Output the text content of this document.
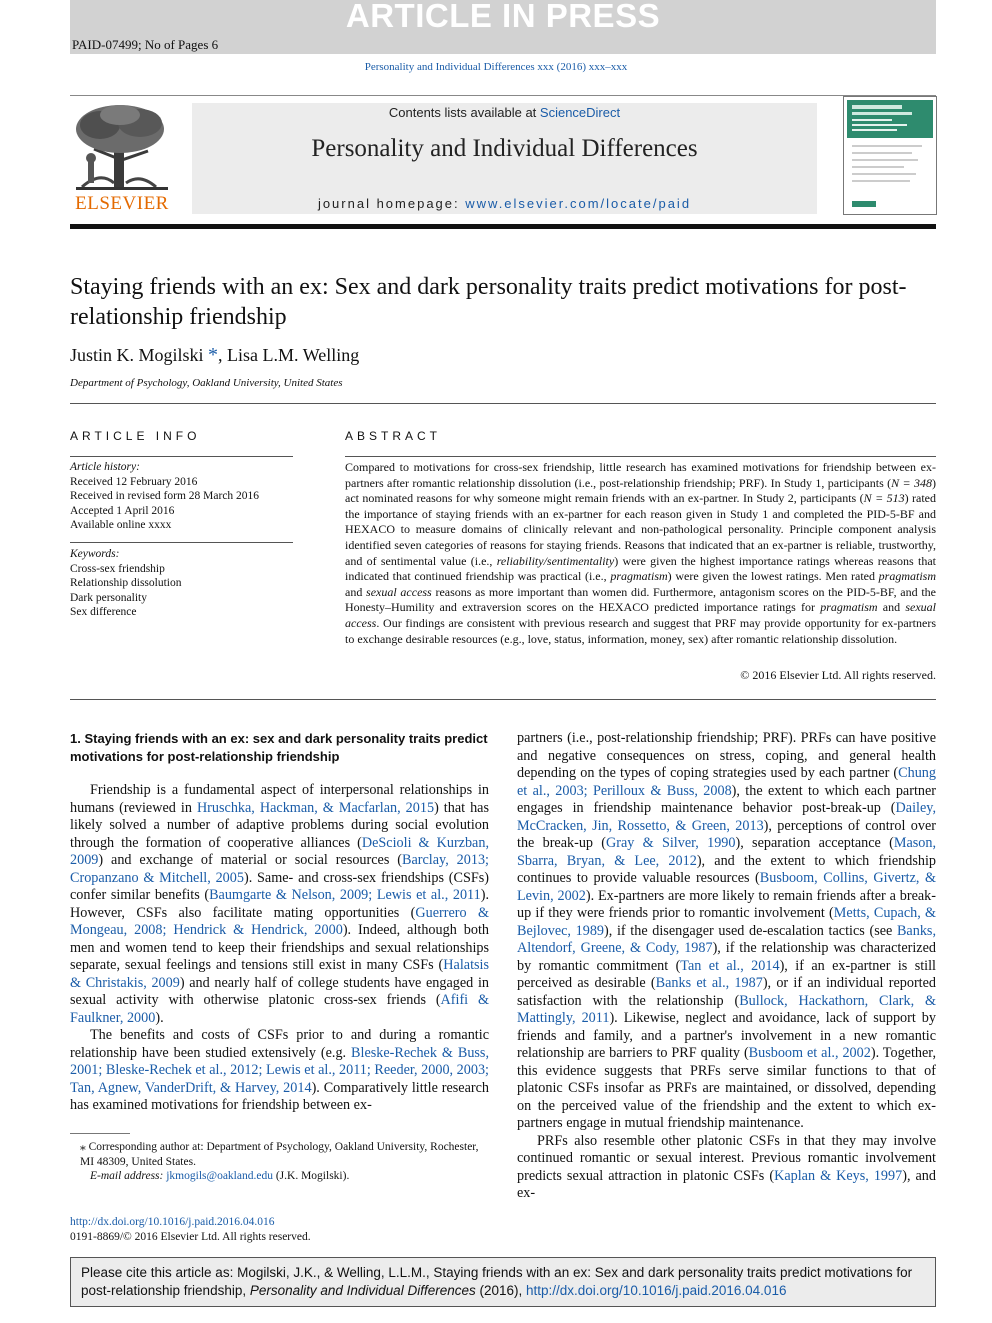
ARTICLE IN PRESS
PAID-07499; No of Pages 6
Personality and Individual Differences xxx (2016) xxx–xxx
ELSEVIER
Contents lists available at ScienceDirect
Personality and Individual Differences
journal homepage: www.elsevier.com/locate/paid
Staying friends with an ex: Sex and dark personality traits predict motivations for post-relationship friendship
Justin K. Mogilski *, Lisa L.M. Welling
Department of Psychology, Oakland University, United States
ARTICLE INFO
Article history:
Received 12 February 2016
Received in revised form 28 March 2016
Accepted 1 April 2016
Available online xxxx
Keywords:
Cross-sex friendship
Relationship dissolution
Dark personality
Sex difference
ABSTRACT
Compared to motivations for cross-sex friendship, little research has examined motivations for friendship between ex-partners after romantic relationship dissolution (i.e., post-relationship friendship; PRF). In Study 1, participants (N = 348) act nominated reasons for why someone might remain friends with an ex-partner. In Study 2, participants (N = 513) rated the importance of staying friends with an ex-partner for each reason given in Study 1 and completed the PID-5-BF and HEXACO to measure domains of clinically relevant and non-pathological personality. Principle component analysis identified seven categories of reasons for staying friends. Reasons that indicated that an ex-partner is reliable, trustworthy, and of sentimental value (i.e., reliability/sentimentality) were given the highest importance ratings whereas reasons that indicated that continued friendship was practical (i.e., pragmatism) were given the lowest ratings. Men rated pragmatism and sexual access reasons as more important than women did. Furthermore, antagonism scores on the PID-5-BF, and the Honesty–Humility and extraversion scores on the HEXACO predicted importance ratings for pragmatism and sexual access. Our findings are consistent with previous research and suggest that PRF may provide opportunity for ex-partners to exchange desirable resources (e.g., love, status, information, money, sex) after romantic relationship dissolution.
© 2016 Elsevier Ltd. All rights reserved.

1. Staying friends with an ex: sex and dark personality traits predict motivations for post-relationship friendship

Friendship is a fundamental aspect of interpersonal relationships in humans (reviewed in Hruschka, Hackman, & Macfarlan, 2015) that has likely solved a number of adaptive problems during social evolution through the formation of cooperative alliances (DeScioli & Kurzban, 2009) and exchange of material or social resources (Barclay, 2013; Cropanzano & Mitchell, 2005). Same- and cross-sex friendships (CSFs) confer similar benefits (Baumgarte & Nelson, 2009; Lewis et al., 2011). However, CSFs also facilitate mating opportunities (Guerrero & Mongeau, 2008; Hendrick & Hendrick, 2000). Indeed, although both men and women tend to keep their friendships and sexual relationships separate, sexual feelings and tensions still exist in many CSFs (Halatsis & Christakis, 2009) and nearly half of college students have engaged in sexual activity with otherwise platonic cross-sex friends (Afifi & Faulkner, 2000).

The benefits and costs of CSFs prior to and during a romantic relationship have been studied extensively (e.g. Bleske-Rechek & Buss, 2001; Bleske-Rechek et al., 2012; Lewis et al., 2011; Reeder, 2000, 2003; Tan, Agnew, VanderDrift, & Harvey, 2014). Comparatively little research has examined motivations for friendship between ex-

partners (i.e., post-relationship friendship; PRF). PRFs can have positive and negative consequences on stress, coping, and general health depending on the types of coping strategies used by each partner (Chung et al., 2003; Perilloux & Buss, 2008), the extent to which each partner engages in friendship maintenance behavior post-break-up (Dailey, McCracken, Jin, Rossetto, & Green, 2013), perceptions of control over the break-up (Gray & Silver, 1990), separation acceptance (Mason, Sbarra, Bryan, & Lee, 2012), and the extent to which friendship continues to provide valuable resources (Busboom, Collins, Givertz, & Levin, 2002). Ex-partners are more likely to remain friends after a break-up if they were friends prior to romantic involvement (Metts, Cupach, & Bejlovec, 1989), if the disengager used de-escalation tactics (see Banks, Altendorf, Greene, & Cody, 1987), if the relationship was characterized by romantic commitment (Tan et al., 2014), if an ex-partner is still perceived as desirable (Banks et al., 1987), or if an individual reported satisfaction with the relationship (Bullock, Hackathorn, Clark, & Mattingly, 2011). Likewise, neglect and avoidance, lack of support by friends and family, and a partner's involvement in a new romantic relationship are barriers to PRF quality (Busboom et al., 2002). Together, this evidence suggests that PRFs serve similar functions to that of platonic CSFs insofar as PRFs are maintained, or dissolved, depending on the perceived value of the friendship and the extent to which ex-partners engage in mutual friendship maintenance.

PRFs also resemble other platonic CSFs in that they may involve continued romantic or sexual interest. Previous romantic involvement predicts sexual attraction in platonic CSFs (Kaplan & Keys, 1997), and ex-

⁎ Corresponding author at: Department of Psychology, Oakland University, Rochester, MI 48309, United States.
E-mail address: jkmogils@oakland.edu (J.K. Mogilski).
http://dx.doi.org/10.1016/j.paid.2016.04.016
0191-8869/© 2016 Elsevier Ltd. All rights reserved.
Please cite this article as: Mogilski, J.K., & Welling, L.L.M., Staying friends with an ex: Sex and dark personality traits predict motivations for post-relationship friendship, Personality and Individual Differences (2016), http://dx.doi.org/10.1016/j.paid.2016.04.016
